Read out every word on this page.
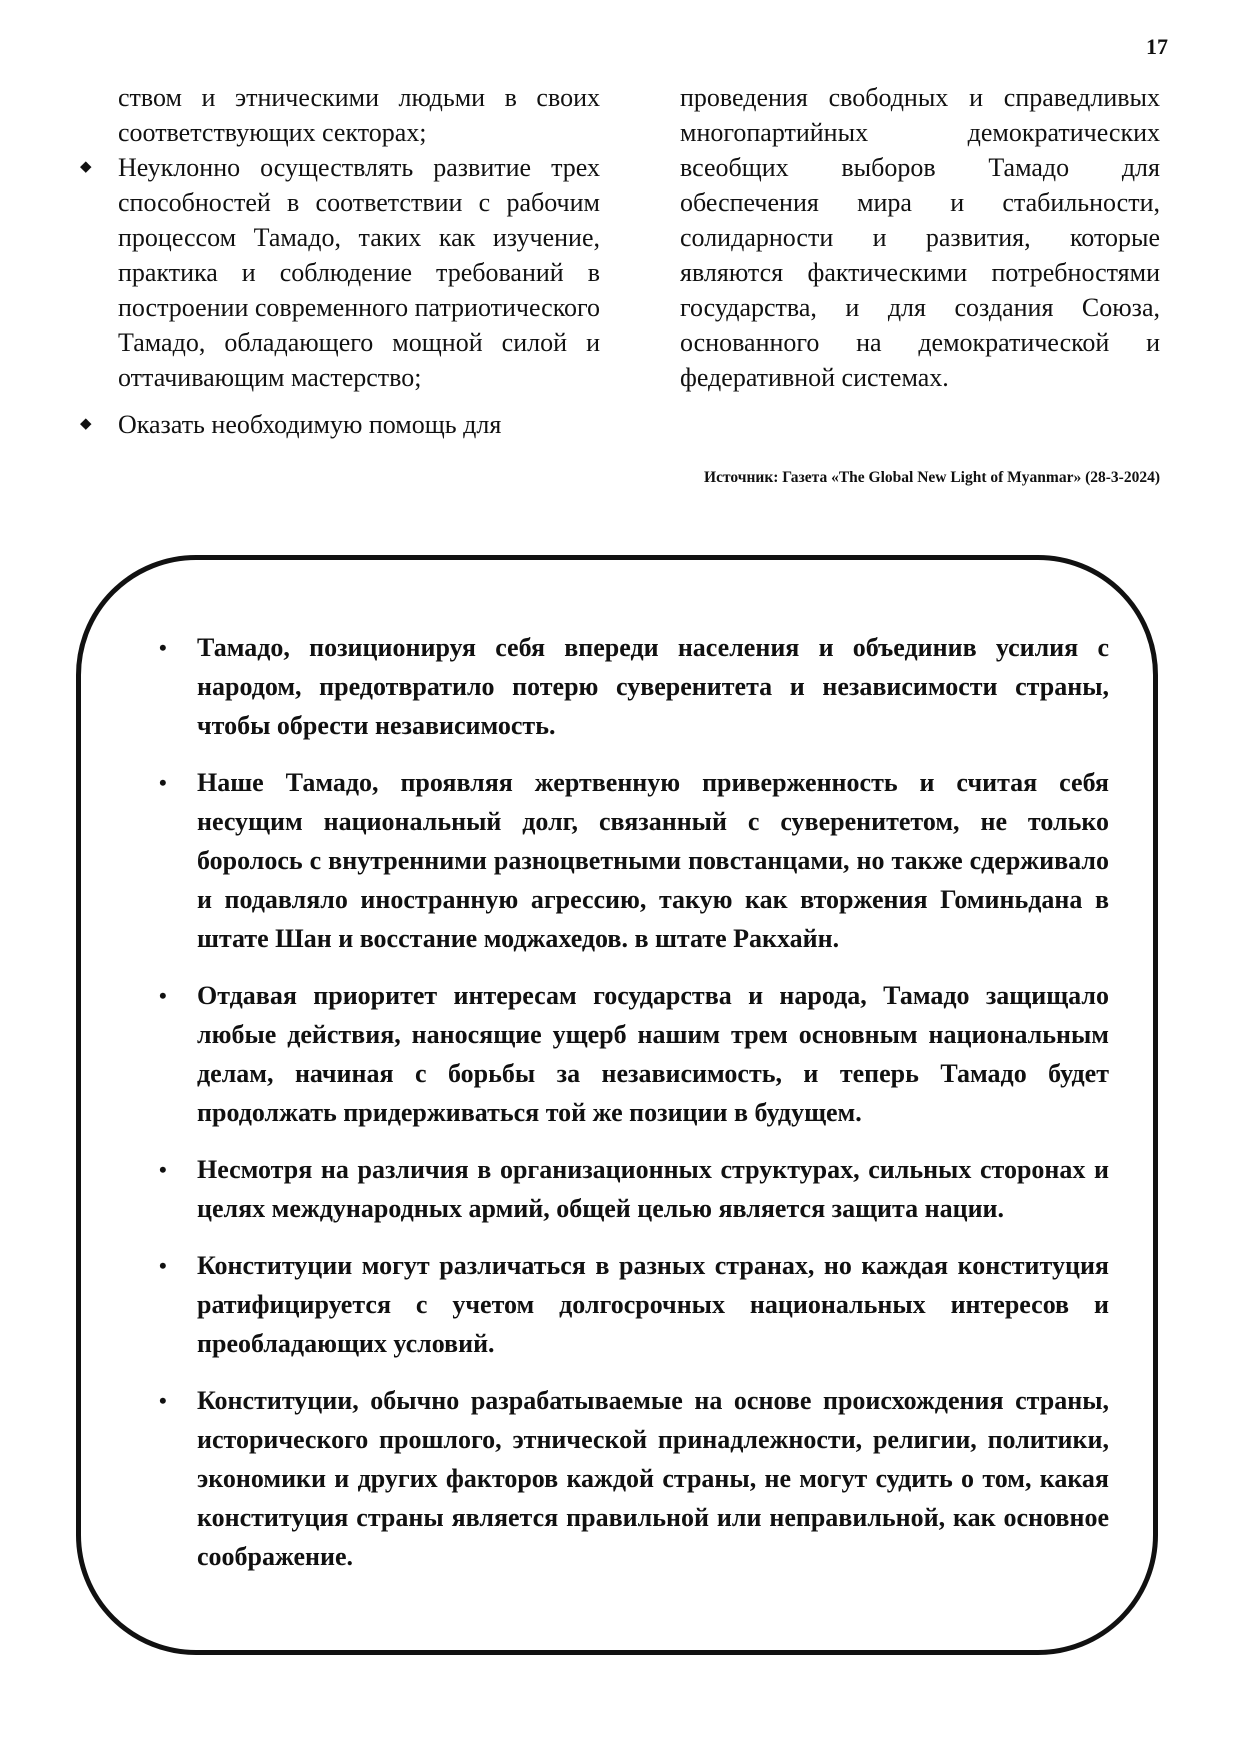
17

ством и этническими людьми в своих соответствующих секторах;

◆ Неуклонно осуществлять развитие трех способностей в соответствии с рабочим процессом Тамадо, таких как изучение, практика и соблюдение требований в построении современного патриотического Тамадо, обладающего мощной силой и оттачивающим мастерство;
◆ Оказать необходимую помощь для

проведения свободных и справедливых многопартийных демократических всеобщих выборов Тамадо для обеспечения мира и стабильности, солидарности и развития, которые являются фактическими потребностями государства, и для создания Союза, основанного на демократической и федеративной системах.

Источник: Газета «The Global New Light of Myanmar» (28-3-2024)
• Тамадо, позиционируя себя впереди населения и объединив усилия с народом, предотвратило потерю суверенитета и независимости страны, чтобы обрести независимость.
• Наше Тамадо, проявляя жертвенную приверженность и считая себя несущим национальный долг, связанный с суверенитетом, не только боролось с внутренними разноцветными повстанцами, но также сдерживало и подавляло иностранную агрессию, такую как вторжения Гоминьдана в штате Шан и восстание моджахедов. в штате Ракхайн.
• Отдавая приоритет интересам государства и народа, Тамадо защищало любые действия, наносящие ущерб нашим трем основным национальным делам, начиная с борьбы за независимость, и теперь Тамадо будет продолжать придерживаться той же позиции в будущем.
• Несмотря на различия в организационных структурах, сильных сторонах и целях международных армий, общей целью является защита нации.
• Конституции могут различаться в разных странах, но каждая конституция ратифицируется с учетом долгосрочных национальных интересов и преобладающих условий.
• Конституции, обычно разрабатываемые на основе происхождения страны, исторического прошлого, этнической принадлежности, религии, политики, экономики и других факторов каждой страны, не могут судить о том, какая конституция страны является правильной или неправильной, как основное соображение.
